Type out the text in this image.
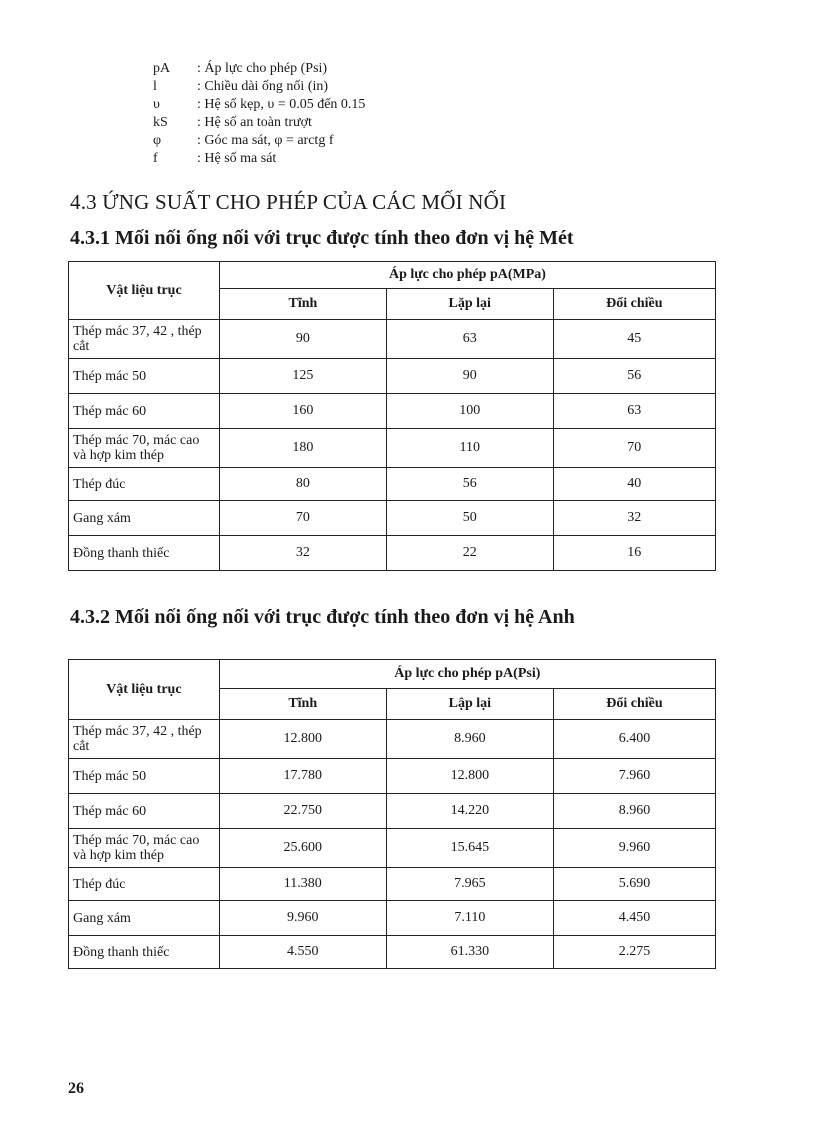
pA	: Áp lực cho phép (Psi)
l	: Chiều dài ống nối (in)
υ	: Hệ số kẹp, υ = 0.05 đến 0.15
kS	: Hệ số an toàn trượt
φ	: Góc ma sát, φ = arctg f
f	: Hệ số ma sát
4.3 ỨNG SUẤT CHO PHÉP CỦA CÁC MỐI NỐI
4.3.1 Mối nối ống nối với trục được tính theo đơn vị hệ Mét
Vật liệu trục	Áp lực cho phép pA(MPa)		
	Tĩnh	Lặp lại	Đổi chiều
Thép mác 37, 42 , thép cắt	90	63	45
Thép mác 50	125	90	56
Thép mác 60	160	100	63
Thép mác 70, mác cao và hợp kim thép	180	110	70
Thép đúc	80	56	40
Gang xám	70	50	32
Đồng thanh thiếc	32	22	16
4.3.2 Mối nối ống nối với trục được tính theo đơn vị hệ Anh
Vật liệu trục	Áp lực cho phép pA(Psi)		
	Tĩnh	Lập lại	Đổi chiều
Thép mác 37, 42 , thép cắt	12.800	8.960	6.400
Thép mác 50	17.780	12.800	7.960
Thép mác 60	22.750	14.220	8.960
Thép mác 70, mác cao và hợp kim thép	25.600	15.645	9.960
Thép đúc	11.380	7.965	5.690
Gang xám	9.960	7.110	4.450
Đồng thanh thiếc	4.550	61.330	2.275
26
